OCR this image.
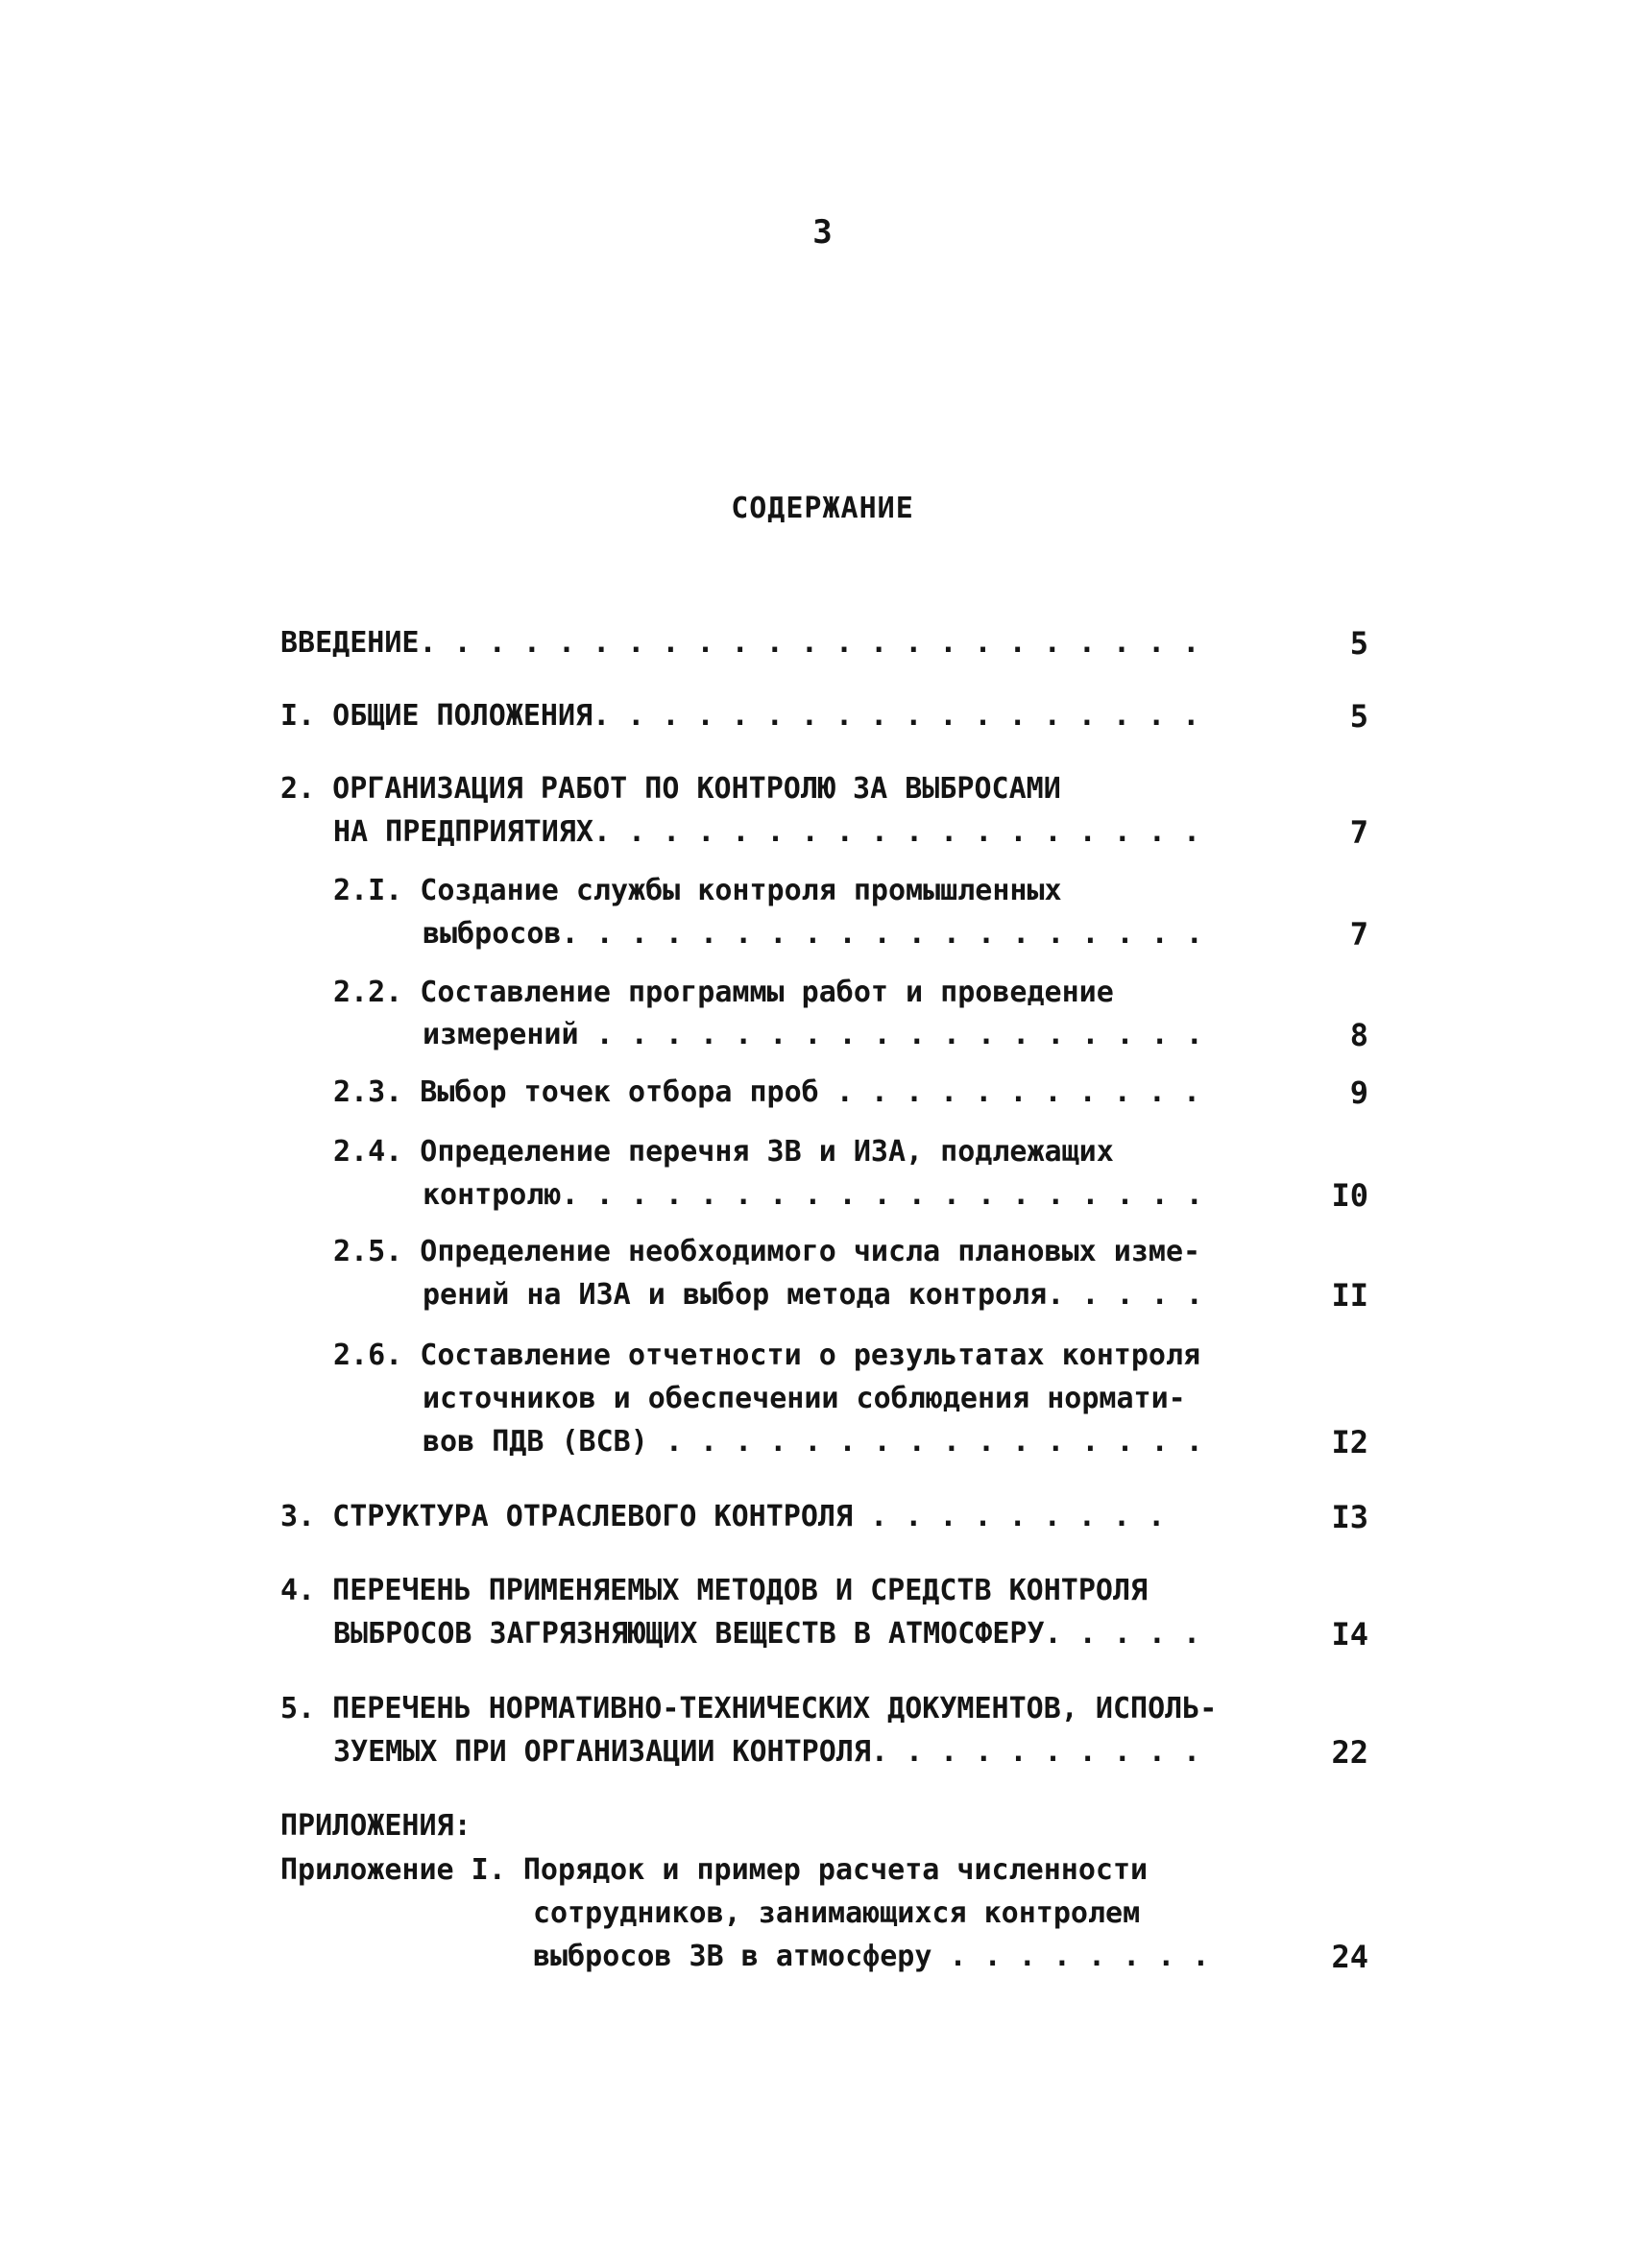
3
СОДЕРЖАНИЕ
ВВЕДЕНИЕ. . . . . . . . . . . . . . . . . . . . . . .	5
I. ОБЩИЕ ПОЛОЖЕНИЯ. . . . . . . . . . . . . . . . . .	5
2. ОРГАНИЗАЦИЯ РАБОТ ПО КОНТРОЛЮ ЗА ВЫБРОСАМИ
НА ПРЕДПРИЯТИЯХ. . . . . . . . . . . . . . . . . .	7
2.I. Создание службы контроля промышленных
выбросов. . . . . . . . . . . . . . . . . . .	7
2.2. Составление программы работ и проведение
измерений . . . . . . . . . . . . . . . . . .	8
2.3. Выбор точек отбора проб . . . . . . . . . . .	9
2.4. Определение перечня ЗВ и ИЗА, подлежащих
контролю. . . . . . . . . . . . . . . . . . .	I0
2.5. Определение необходимого числа плановых изме-
рений на ИЗА и выбор метода контроля. . . . .	II
2.6. Составление отчетности о результатах контроля
источников и обеспечении соблюдения нормати-
вов ПДВ (ВСВ) . . . . . . . . . . . . . . . .	I2
3. СТРУКТУРА ОТРАСЛЕВОГО КОНТРОЛЯ . . . . . . . . .	I3
4. ПЕРЕЧЕНЬ ПРИМЕНЯЕМЫХ МЕТОДОВ И СРЕДСТВ КОНТРОЛЯ
ВЫБРОСОВ ЗАГРЯЗНЯЮЩИХ ВЕЩЕСТВ В АТМОСФЕРУ. . . . .	I4
5. ПЕРЕЧЕНЬ НОРМАТИВНО-ТЕХНИЧЕСКИХ ДОКУМЕНТОВ, ИСПОЛЬ-
ЗУЕМЫХ ПРИ ОРГАНИЗАЦИИ КОНТРОЛЯ. . . . . . . . . .	22
ПРИЛОЖЕНИЯ:
Приложение I. Порядок и пример расчета численности
сотрудников, занимающихся контролем
выбросов ЗВ в атмосферу . . . . . . . .	24
